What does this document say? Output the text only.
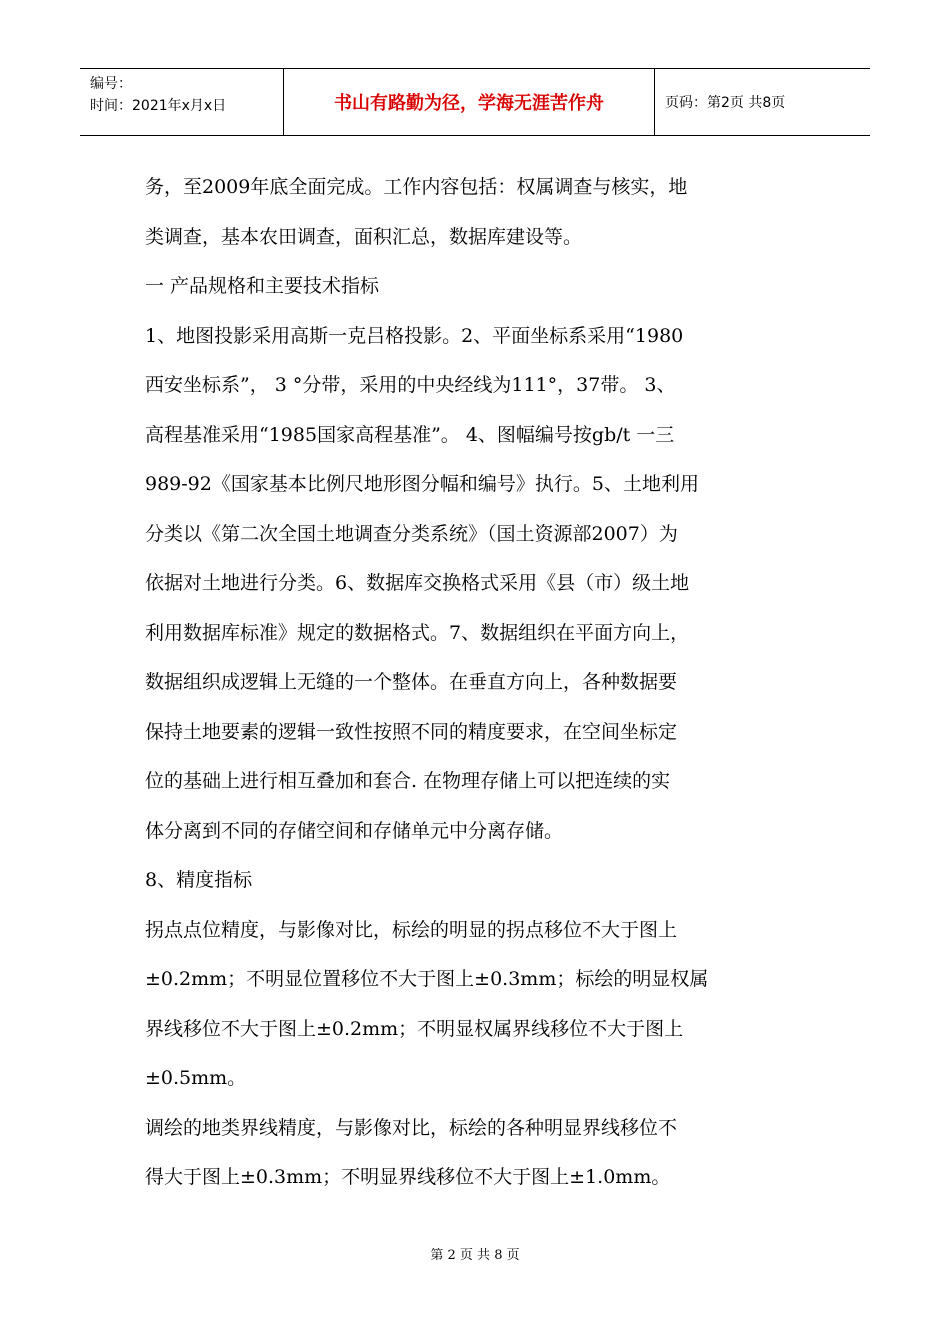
编号：
时间：2021年x月x日	书山有路勤为径，学海无涯苦作舟	页码：第2页 共8页
务，至2009年底全面完成。工作内容包括：权属调查与核实，地
类调查，基本农田调查，面积汇总，数据库建设等。
一 产品规格和主要技术指标
1、地图投影采用高斯一克吕格投影。2、平面坐标系采用“1980
西安坐标系”， 3 °分带，采用的中央经线为111°，37带。 3、
高程基准采用“1985国家高程基准”。 4、图幅编号按gb/t 一三
989-92《国家基本比例尺地形图分幅和编号》执行。5、土地利用
分类以《第二次全国土地调查分类系统》（国土资源部2007）为
依据对土地进行分类。6、数据库交换格式采用《县（市）级土地
利用数据库标准》规定的数据格式。7、数据组织在平面方向上，
数据组织成逻辑上无缝的一个整体。在垂直方向上，各种数据要
保持土地要素的逻辑一致性按照不同的精度要求，在空间坐标定
位的基础上进行相互叠加和套合. 在物理存储上可以把连续的实
体分离到不同的存储空间和存储单元中分离存储。
8、精度指标
拐点点位精度，与影像对比，标绘的明显的拐点移位不大于图上
±0.2mm；不明显位置移位不大于图上±0.3mm；标绘的明显权属
界线移位不大于图上±0.2mm；不明显权属界线移位不大于图上
±0.5mm。
调绘的地类界线精度，与影像对比，标绘的各种明显界线移位不
得大于图上±0.3mm；不明显界线移位不大于图上±1.0mm。
第 2 页 共 8 页
